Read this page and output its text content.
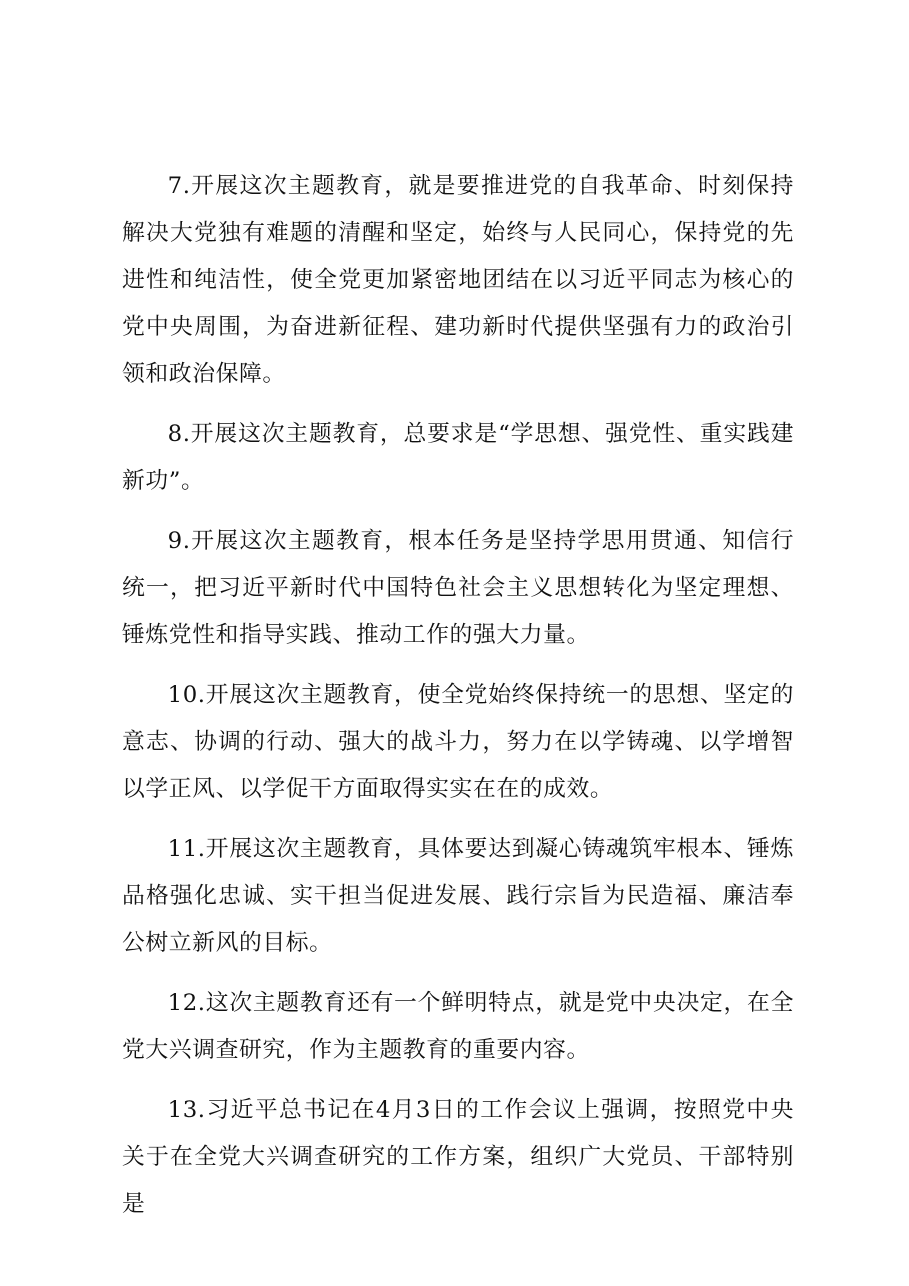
7.开展这次主题教育，就是要推进党的自我革命、时刻保持解决大党独有难题的清醒和坚定，始终与人民同心，保持党的先进性和纯洁性，使全党更加紧密地团结在以习近平同志为核心的党中央周围，为奋进新征程、建功新时代提供坚强有力的政治引领和政治保障。

8.开展这次主题教育，总要求是“学思想、强党性、重实践建新功”。

9.开展这次主题教育，根本任务是坚持学思用贯通、知信行统一，把习近平新时代中国特色社会主义思想转化为坚定理想、锤炼党性和指导实践、推动工作的强大力量。

10.开展这次主题教育，使全党始终保持统一的思想、坚定的意志、协调的行动、强大的战斗力，努力在以学铸魂、以学增智以学正风、以学促干方面取得实实在在的成效。

11.开展这次主题教育，具体要达到凝心铸魂筑牢根本、锤炼品格强化忠诚、实干担当促进发展、践行宗旨为民造福、廉洁奉公树立新风的目标。

12.这次主题教育还有一个鲜明特点，就是党中央决定，在全党大兴调查研究，作为主题教育的重要内容。

13.习近平总书记在4月3日的工作会议上强调，按照党中央关于在全党大兴调查研究的工作方案，组织广大党员、干部特别是
